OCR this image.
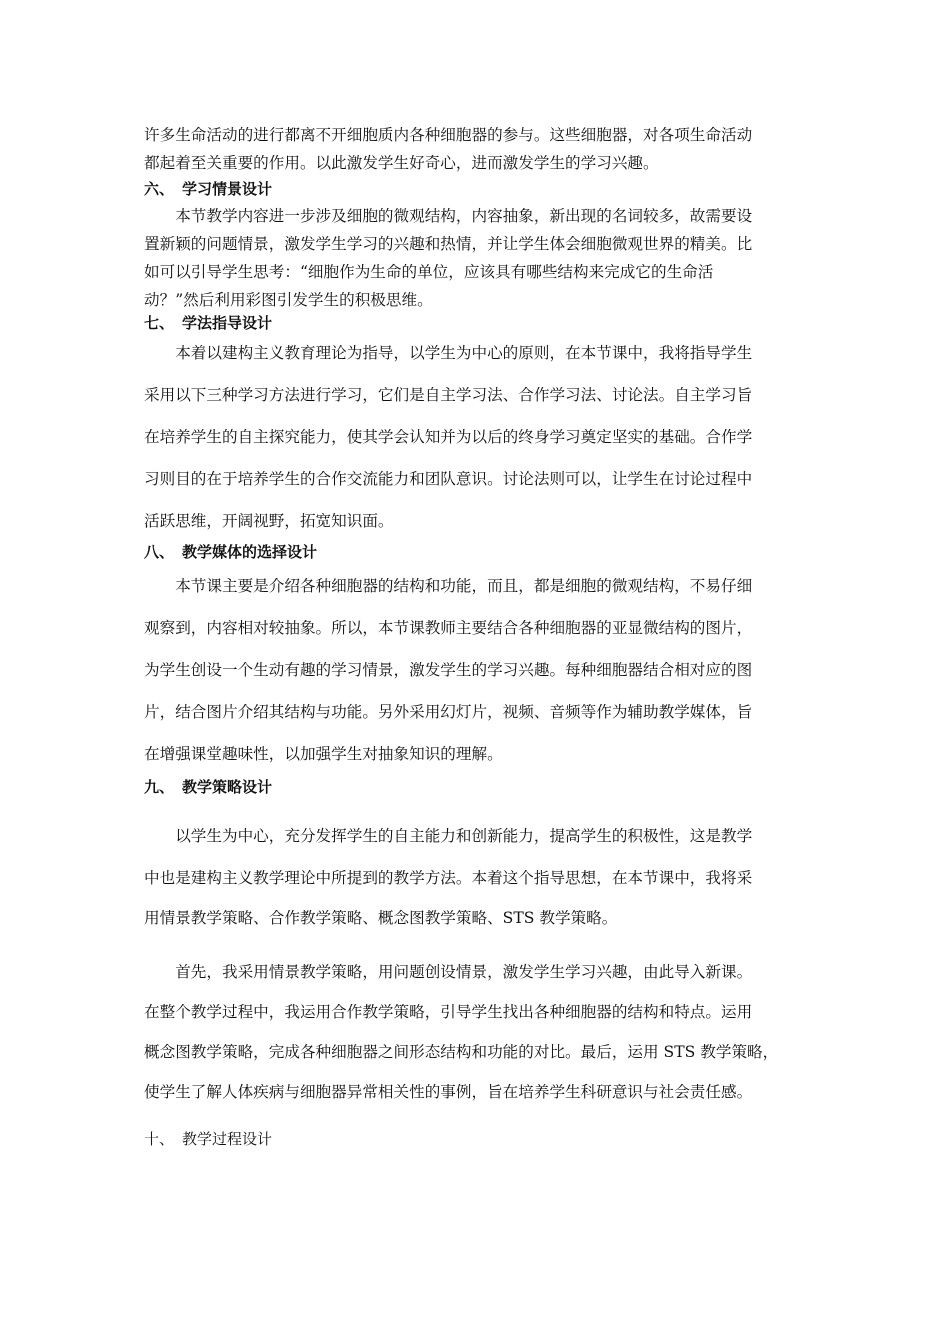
许多生命活动的进行都离不开细胞质内各种细胞器的参与。这些细胞器，对各项生命活动

都起着至关重要的作用。以此激发学生好奇心，进而激发学生的学习兴趣。

六、 学习情景设计

　　本节教学内容进一步涉及细胞的微观结构，内容抽象，新出现的名词较多，故需要设

置新颖的问题情景，激发学生学习的兴趣和热情，并让学生体会细胞微观世界的精美。比

如可以引导学生思考：“细胞作为生命的单位，应该具有哪些结构来完成它的生命活

动？”然后利用彩图引发学生的积极思维。

七、 学法指导设计

　　本着以建构主义教育理论为指导，以学生为中心的原则，在本节课中，我将指导学生

采用以下三种学习方法进行学习，它们是自主学习法、合作学习法、讨论法。自主学习旨

在培养学生的自主探究能力，使其学会认知并为以后的终身学习奠定坚实的基础。合作学

习则目的在于培养学生的合作交流能力和团队意识。讨论法则可以，让学生在讨论过程中

活跃思维，开阔视野，拓宽知识面。

八、 教学媒体的选择设计

　　本节课主要是介绍各种细胞器的结构和功能，而且，都是细胞的微观结构，不易仔细

观察到，内容相对较抽象。所以，本节课教师主要结合各种细胞器的亚显微结构的图片，

为学生创设一个生动有趣的学习情景，激发学生的学习兴趣。每种细胞器结合相对应的图

片，结合图片介绍其结构与功能。另外采用幻灯片，视频、音频等作为辅助教学媒体，旨

在增强课堂趣味性，以加强学生对抽象知识的理解。

九、 教学策略设计

　　以学生为中心，充分发挥学生的自主能力和创新能力，提高学生的积极性，这是教学

中也是建构主义教学理论中所提到的教学方法。本着这个指导思想，在本节课中，我将采

用情景教学策略、合作教学策略、概念图教学策略、STS 教学策略。

　　首先，我采用情景教学策略，用问题创设情景，激发学生学习兴趣，由此导入新课。

在整个教学过程中，我运用合作教学策略，引导学生找出各种细胞器的结构和特点。运用

概念图教学策略，完成各种细胞器之间形态结构和功能的对比。最后，运用 STS 教学策略，

使学生了解人体疾病与细胞器异常相关性的事例，旨在培养学生科研意识与社会责任感。

十、 教学过程设计
